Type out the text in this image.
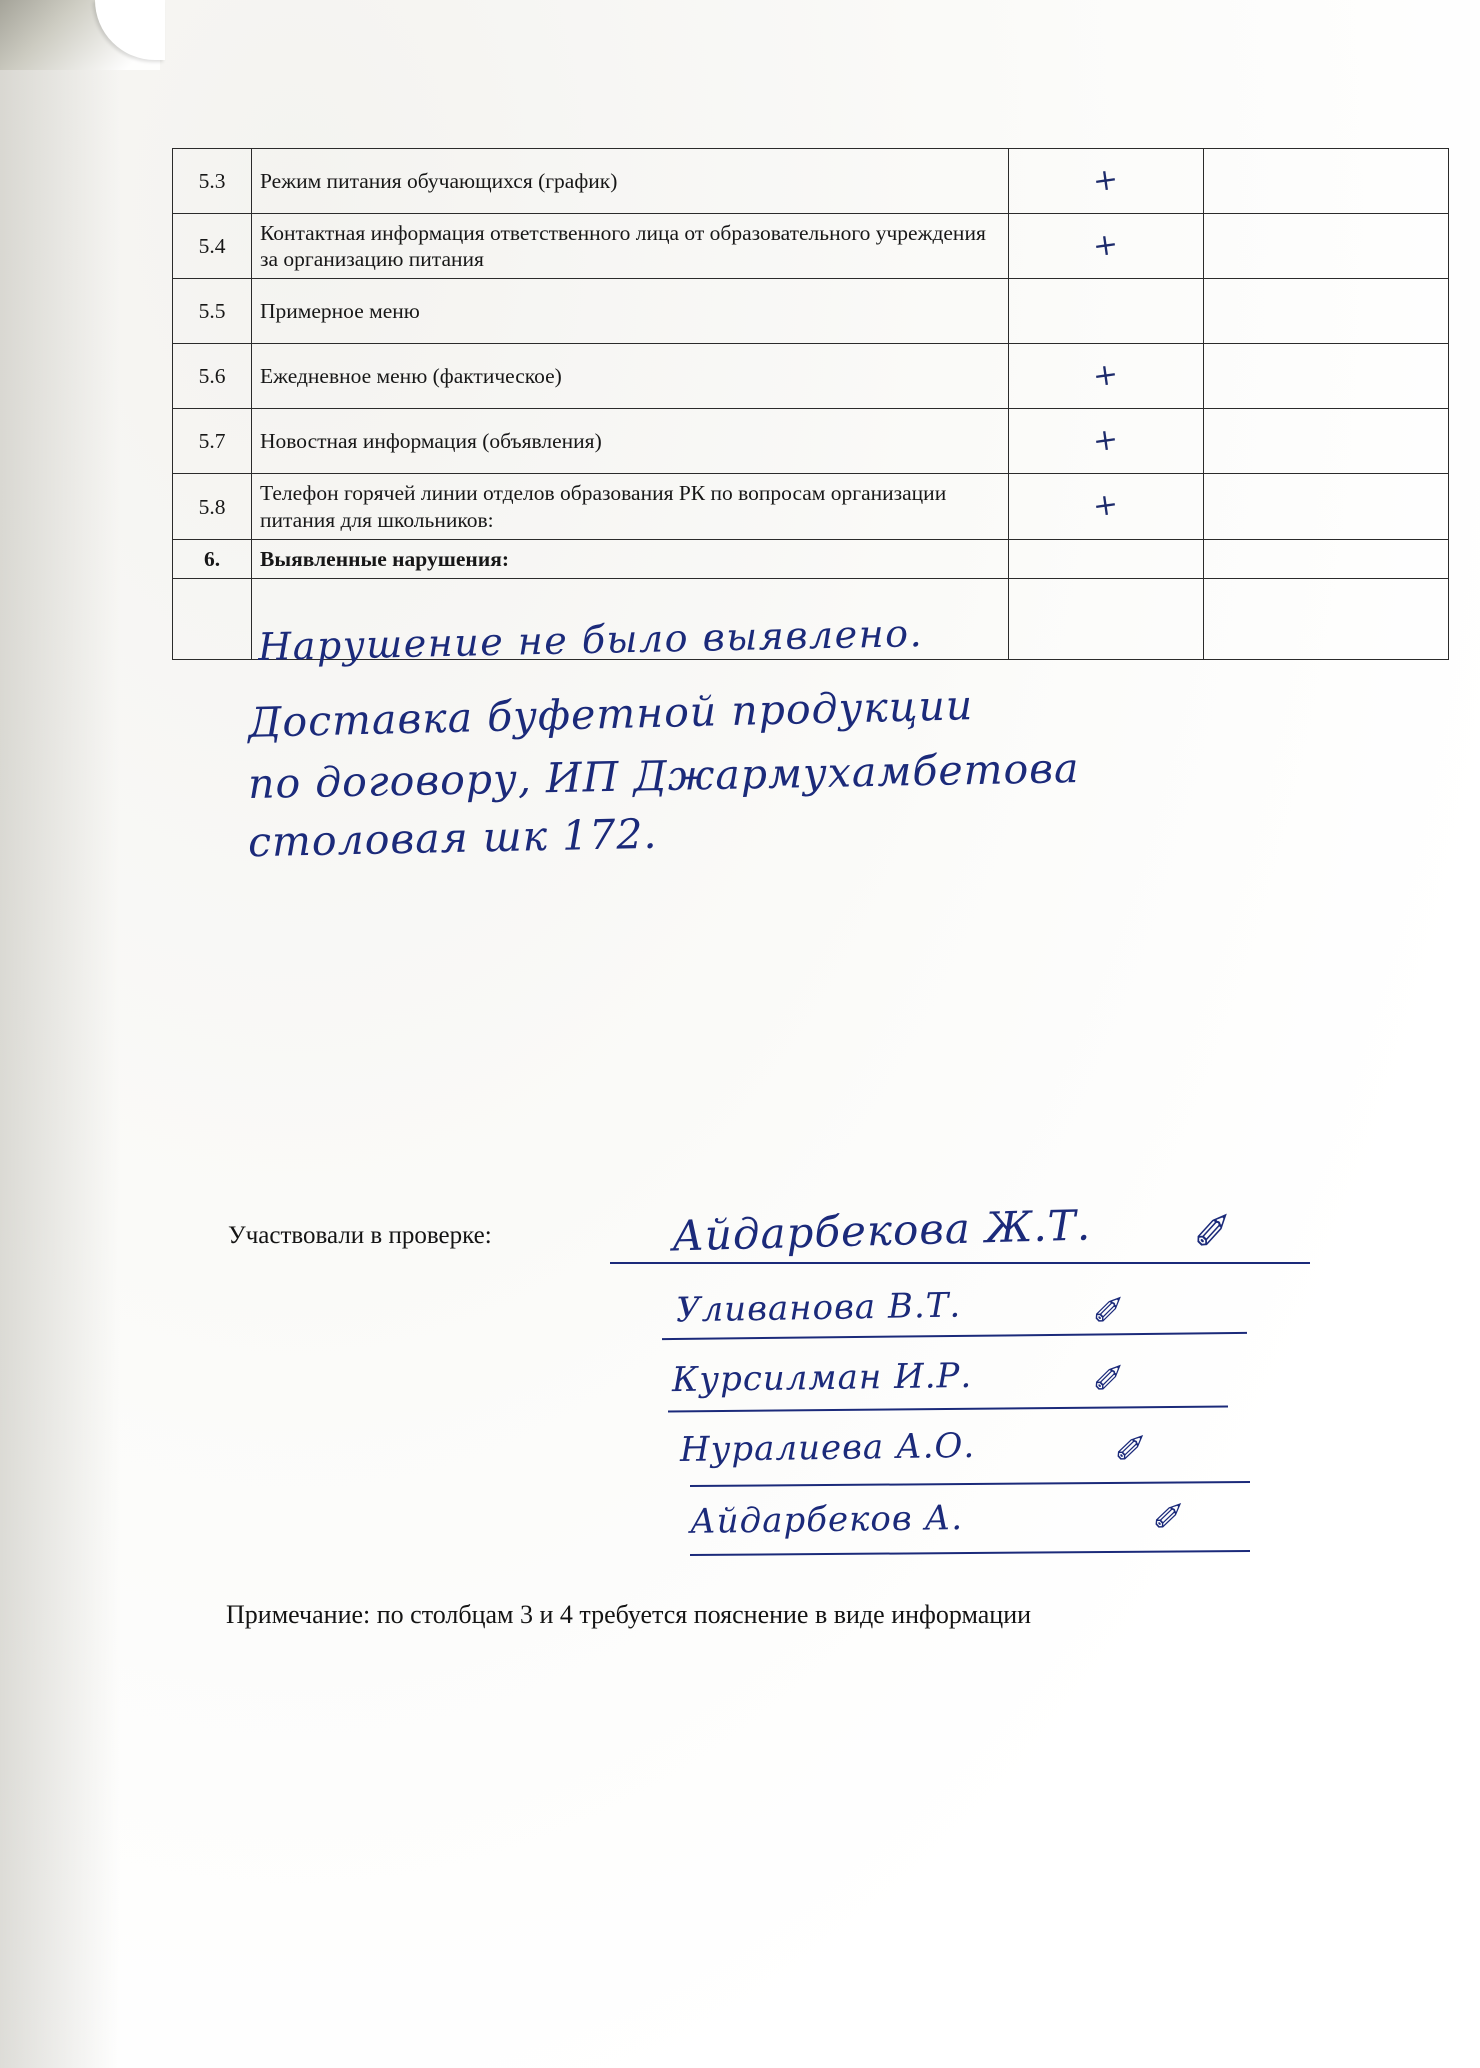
5.3	Режим питания обучающихся (график)	+	
5.4	Контактная информация ответственного лица от образовательного учреждения за организацию питания	+	
5.5	Примерное меню		
5.6	Ежедневное меню (фактическое)	+	
5.7	Новостная информация (объявления)	+	
5.8	Телефон горячей линии отделов образования РК по вопросам организации питания для школьников:	+	
6.	Выявленные нарушения:		

Нарушение не было выявлено.
Доставка буфетной продукции
по договору, ИП Джармухамбетова
столовая шк 172.
Участвовали в проверке:	Айдарбекова Ж.Т.
Уливанова В.Т.
Курсилман И.Р.
Нуралиева А.О.
Айдарбеков А.
✐
✐
✐
✐
✐
Примечание: по столбцам 3 и 4 требуется пояснение в виде информации
